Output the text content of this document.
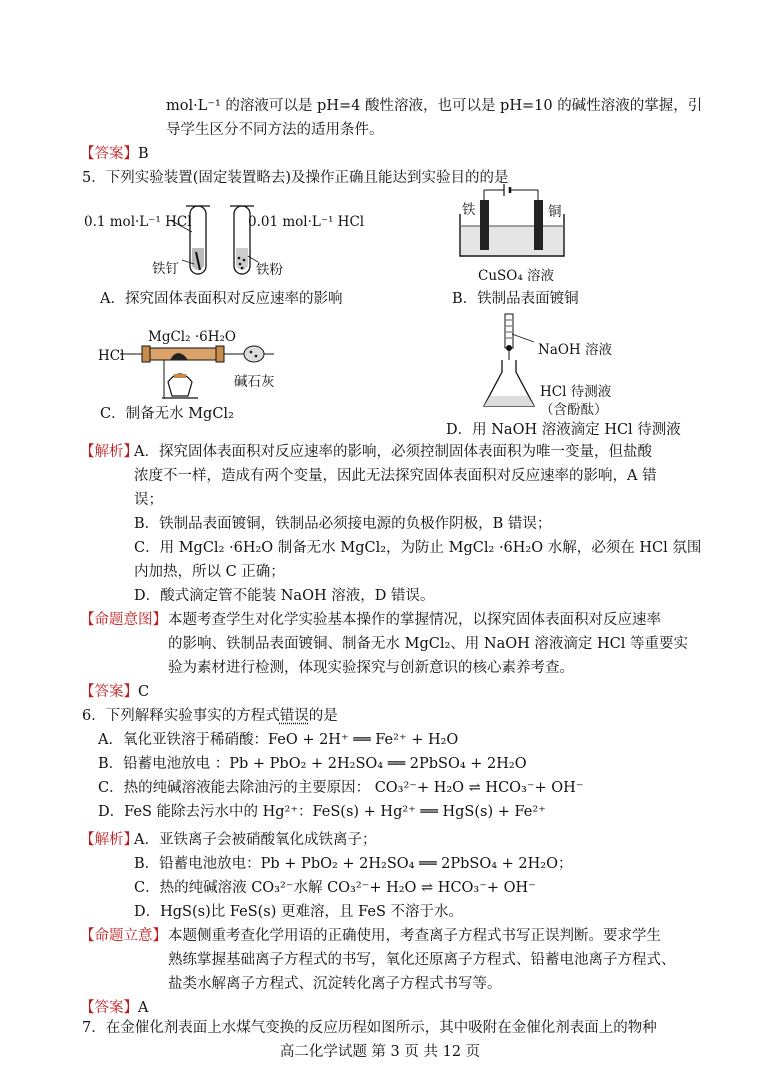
mol·L⁻¹ 的溶液可以是 pH=4 酸性溶液，也可以是 pH=10 的碱性溶液的掌握，引
导学生区分不同方法的适用条件。
【答案】B
5．下列实验装置(固定装置略去)及操作正确且能达到实验目的的是
0.1 mol·L⁻¹ HCl	0.01 mol·L⁻¹ HCl
铁钉	铁粉
A．探究固体表面积对反应速率的影响
铁	铜
CuSO₄ 溶液
B．铁制品表面镀铜
MgCl₂ ·6H₂O
HCl
碱石灰
C．制备无水 MgCl₂
NaOH 溶液
HCl 待测液
（含酚酞）
D．用 NaOH 溶液滴定 HCl 待测液
【解析】
A．探究固体表面积对反应速率的影响，必须控制固体表面积为唯一变量，但盐酸
浓度不一样，造成有两个变量，因此无法探究固体表面积对反应速率的影响，A 错
误；
B．铁制品表面镀铜，铁制品必须接电源的负极作阴极，B 错误；
C．用 MgCl₂ ·6H₂O 制备无水 MgCl₂，为防止 MgCl₂ ·6H₂O 水解，必须在 HCl 氛围
内加热，所以 C 正确；
D．酸式滴定管不能装 NaOH 溶液，D 错误。
【命题意图】 本题考查学生对化学实验基本操作的掌握情况，以探究固体表面积对反应速率
的影响、铁制品表面镀铜、制备无水 MgCl₂、用 NaOH 溶液滴定 HCl 等重要实
验为素材进行检测，体现实验探究与创新意识的核心素养考查。
【答案】C
6．下列解释实验事实的方程式错误的是
A．氧化亚铁溶于稀硝酸：FeO + 2H⁺ ══ Fe²⁺ + H₂O
B．铅蓄电池放电 ：Pb + PbO₂ + 2H₂SO₄ ══ 2PbSO₄ + 2H₂O
C．热的纯碱溶液能去除油污的主要原因： CO₃²⁻+ H₂O ⇌ HCO₃⁻+ OH⁻
D．FeS 能除去污水中的 Hg²⁺：FeS(s) + Hg²⁺ ══ HgS(s) + Fe²⁺
【解析】
A．亚铁离子会被硝酸氧化成铁离子；
B．铅蓄电池放电：Pb + PbO₂ + 2H₂SO₄ ══ 2PbSO₄ + 2H₂O；
C．热的纯碱溶液 CO₃²⁻水解 CO₃²⁻+ H₂O ⇌ HCO₃⁻+ OH⁻
D．HgS(s)比 FeS(s) 更难溶，且 FeS 不溶于水。
【命题立意】 本题侧重考查化学用语的正确使用，考查离子方程式书写正误判断。要求学生
熟练掌握基础离子方程式的书写，氧化还原离子方程式、铅蓄电池离子方程式、
盐类水解离子方程式、沉淀转化离子方程式书写等。
【答案】A
7．在金催化剂表面上水煤气变换的反应历程如图所示，其中吸附在金催化剂表面上的物种
高二化学试题 第 3 页 共 12 页
